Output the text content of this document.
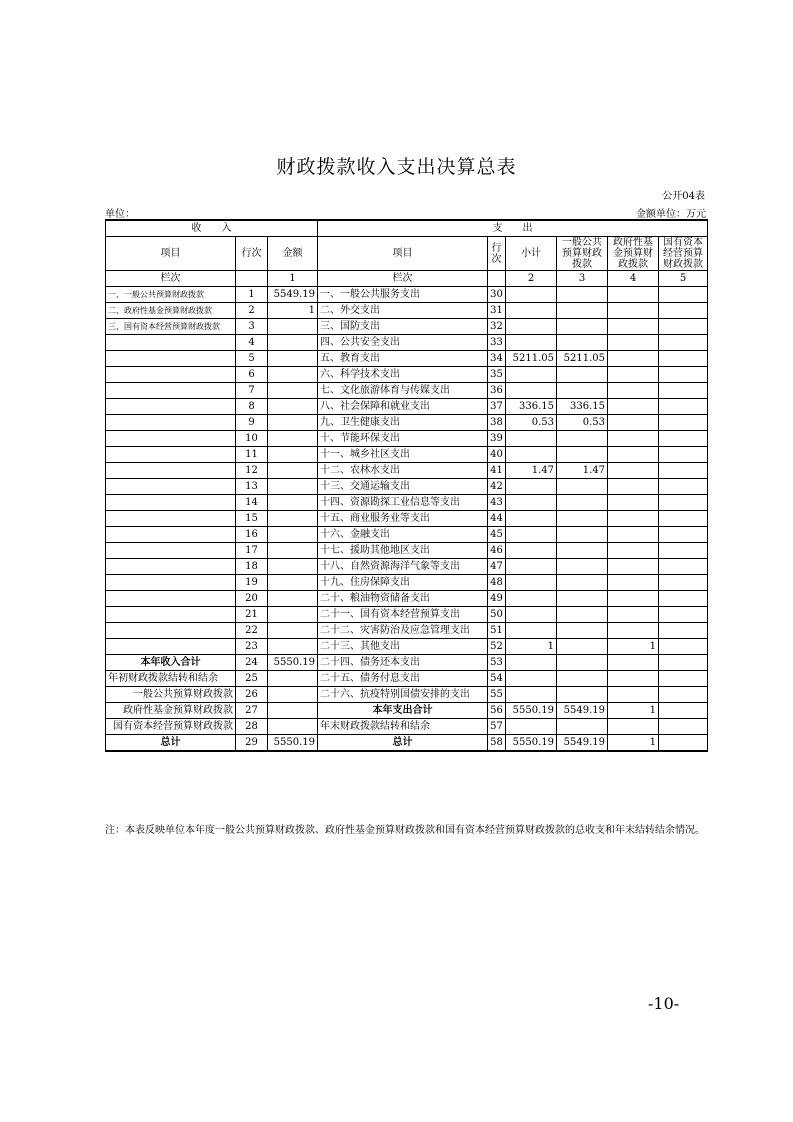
财政拨款收入支出决算总表
公开04表
单位：	金额单位：万元
收　　入			支　　出					
项目	行次	金额	项目	行次	小计	一般公共预算财政拨款	政府性基金预算财政拨款	国有资本经营预算财政拨款
栏次		1	栏次		2	3	4	5
一、一般公共预算财政拨款	1	5549.19	一、一般公共服务支出	30				
二、政府性基金预算财政拨款	2	1	二、外交支出	31				
三、国有资本经营预算财政拨款	3		三、国防支出	32				
	4		四、公共安全支出	33				
	5		五、教育支出	34	5211.05	5211.05		
	6		六、科学技术支出	35				
	7		七、文化旅游体育与传媒支出	36				
	8		八、社会保障和就业支出	37	336.15	336.15		
	9		九、卫生健康支出	38	0.53	0.53		
	10		十、节能环保支出	39				
	11		十一、城乡社区支出	40				
	12		十二、农林水支出	41	1.47	1.47		
	13		十三、交通运输支出	42				
	14		十四、资源勘探工业信息等支出	43				
	15		十五、商业服务业等支出	44				
	16		十六、金融支出	45				
	17		十七、援助其他地区支出	46				
	18		十八、自然资源海洋气象等支出	47				
	19		十九、住房保障支出	48				
	20		二十、粮油物资储备支出	49				
	21		二十一、国有资本经营预算支出	50				
	22		二十二、灾害防治及应急管理支出	51				
	23		二十三、其他支出	52	1		1	
本年收入合计	24	5550.19	二十四、债务还本支出	53				
年初财政拨款结转和结余	25		二十五、债务付息支出	54				
一般公共预算财政拨款	26		二十六、抗疫特别国债安排的支出	55				
政府性基金预算财政拨款	27		本年支出合计	56	5550.19	5549.19	1	
国有资本经营预算财政拨款	28		年末财政拨款结转和结余	57				
总计	29	5550.19	总计	58	5550.19	5549.19	1	
注：本表反映单位本年度一般公共预算财政拨款、政府性基金预算财政拨款和国有资本经营预算财政拨款的总收支和年末结转结余情况。
-10-
